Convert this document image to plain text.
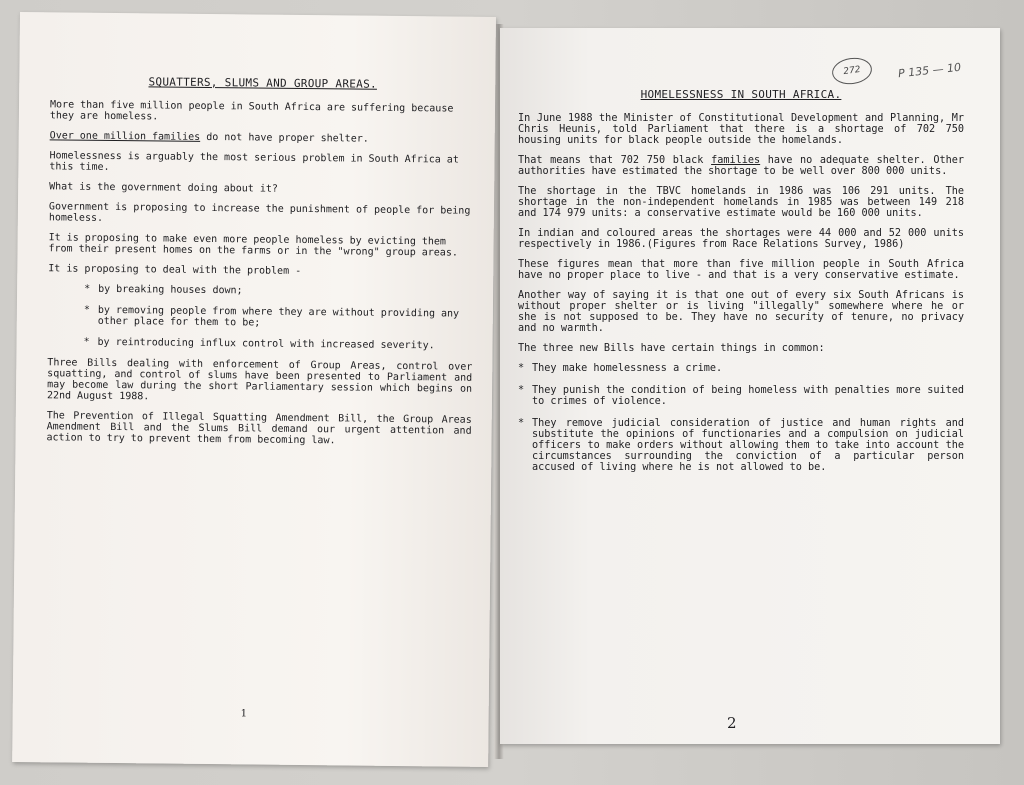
SQUATTERS, SLUMS AND GROUP AREAS.

More than five million people in South Africa are suffering because they are homeless.

Over one million families do not have proper shelter.

Homelessness is arguably the most serious problem in South Africa at this time.

What is the government doing about it?

Government is proposing to increase the punishment of people for being homeless.

It is proposing to make even more people homeless by evicting them from their present homes on the farms or in the "wrong" group areas.

It is proposing to deal with the problem -

* by breaking houses down;
* by removing people from where they are without providing any other place for them to be;
* by reintroducing influx control with increased severity.

Three Bills dealing with enforcement of Group Areas, control over squatting, and control of slums have been presented to Parliament and may become law during the short Parliamentary session which begins on 22nd August 1988.

The Prevention of Illegal Squatting Amendment Bill, the Group Areas Amendment Bill and the Slums Bill demand our urgent attention and action to try to prevent them from becoming law.

1
272	P 135 — 10
HOMELESSNESS IN SOUTH AFRICA.

In June 1988 the Minister of Constitutional Development and Planning, Mr Chris Heunis, told Parliament that there is a shortage of 702 750 housing units for black people outside the homelands.

That means that 702 750 black families have no adequate shelter. Other authorities have estimated the shortage to be well over 800 000 units.

The shortage in the TBVC homelands in 1986 was 106 291 units. The shortage in the non-independent homelands in 1985 was between 149 218 and 174 979 units: a conservative estimate would be 160 000 units.

In indian and coloured areas the shortages were 44 000 and 52 000 units respectively in 1986.(Figures from Race Relations Survey, 1986)

These figures mean that more than five million people in South Africa have no proper place to live - and that is a very conservative estimate.

Another way of saying it is that one out of every six South Africans is without proper shelter or is living "illegally" somewhere where he or she is not supposed to be. They have no security of tenure, no privacy and no warmth.

The three new Bills have certain things in common:

* They make homelessness a crime.
* They punish the condition of being homeless with penalties more suited to crimes of violence.
* They remove judicial consideration of justice and human rights and substitute the opinions of functionaries and a compulsion on judicial officers to make orders without allowing them to take into account the circumstances surrounding the conviction of a particular person accused of living where he is not allowed to be.
2
